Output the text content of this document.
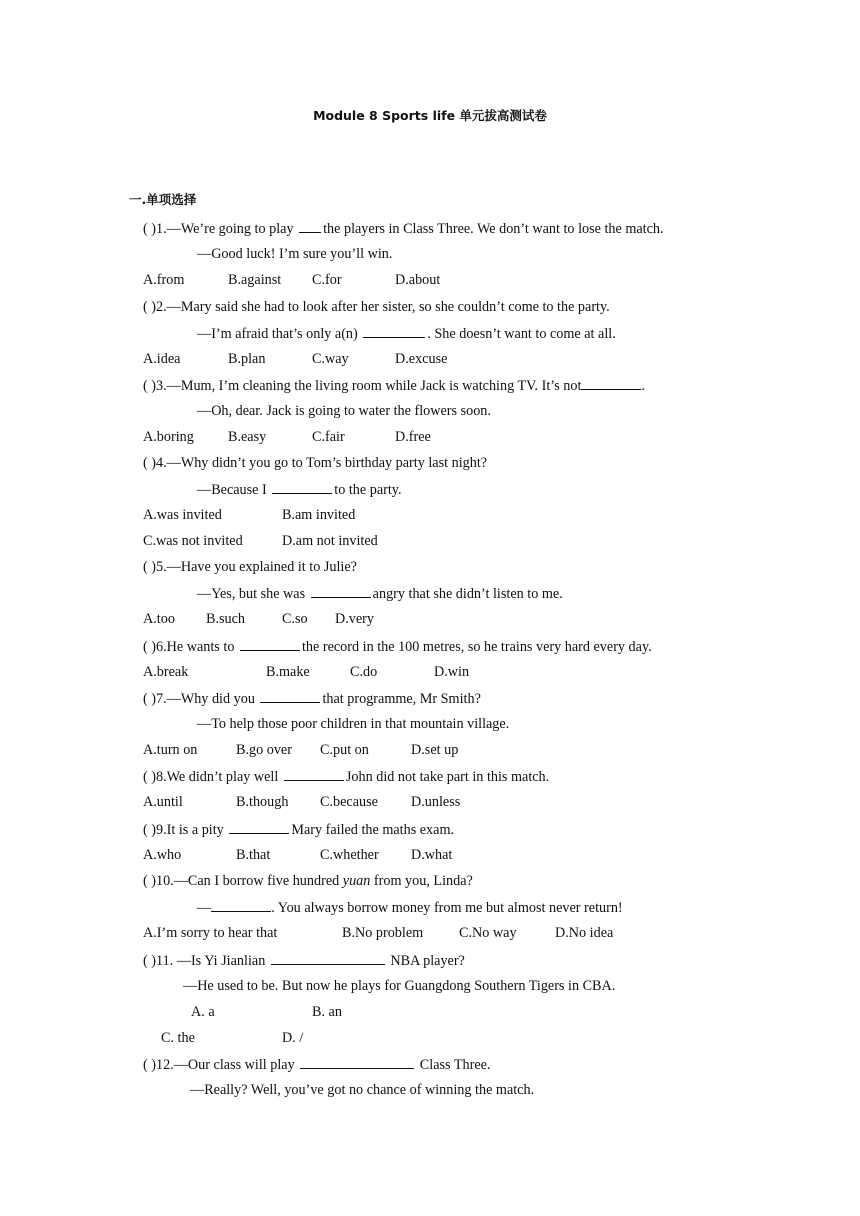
Module 8 Sports life 单元拔高测试卷
一.单项选择
( )1.—We’re going to play the players in Class Three. We don’t want to lose the match.
—Good luck! I’m sure you’ll win.
A.from	B.against C.for	D.about
( )2.—Mary said she had to look after her sister, so she couldn’t come to the party.
—I’m afraid that’s only a(n)	. She doesn’t want to come at all.
A.idea	B.plan	C.way	D.excuse
( )3.—Mum, I’m cleaning the living room while Jack is watching TV. It’s not	.
—Oh, dear. Jack is going to water the flowers soon.
A.boring B.easy	C.fair	D.free
( )4.—Why didn’t you go to Tom’s birthday party last night?
—Because I	to the party.
A.was invited	B.am invited
C.was not invited	D.am not invited
( )5.—Have you explained it to Julie?
—Yes, but she was	angry that she didn’t listen to me.
A.too B.such	C.so D.very
( )6.He wants to	the record in the 100 metres, so he trains very hard every day.
A.break	B.make	C.do	D.win
( )7.—Why did you	that programme, Mr Smith?
—To help those poor children in that mountain village.
A.turn on	B.go over C.put on	D.set up
( )8.We didn’t play well	John did not take part in this match.
A.until	B.though C.because D.unless
( )9.It is a pity	Mary failed the maths exam.
A.who	B.that	C.whether D.what
( )10.—Can I borrow five hundred yuan from you, Linda?
—	. You always borrow money from me but almost never return!
A.I’m sorry to hear that	B.No problem	C.No way	D.No idea
( )11. —Is Yi Jianlian	NBA player?
—He used to be. But now he plays for Guangdong Southern Tigers in CBA.
A. a	B. an
C. the	D. /
( )12.—Our class will play	Class Three.
—Really? Well, you’ve got no chance of winning the match.
